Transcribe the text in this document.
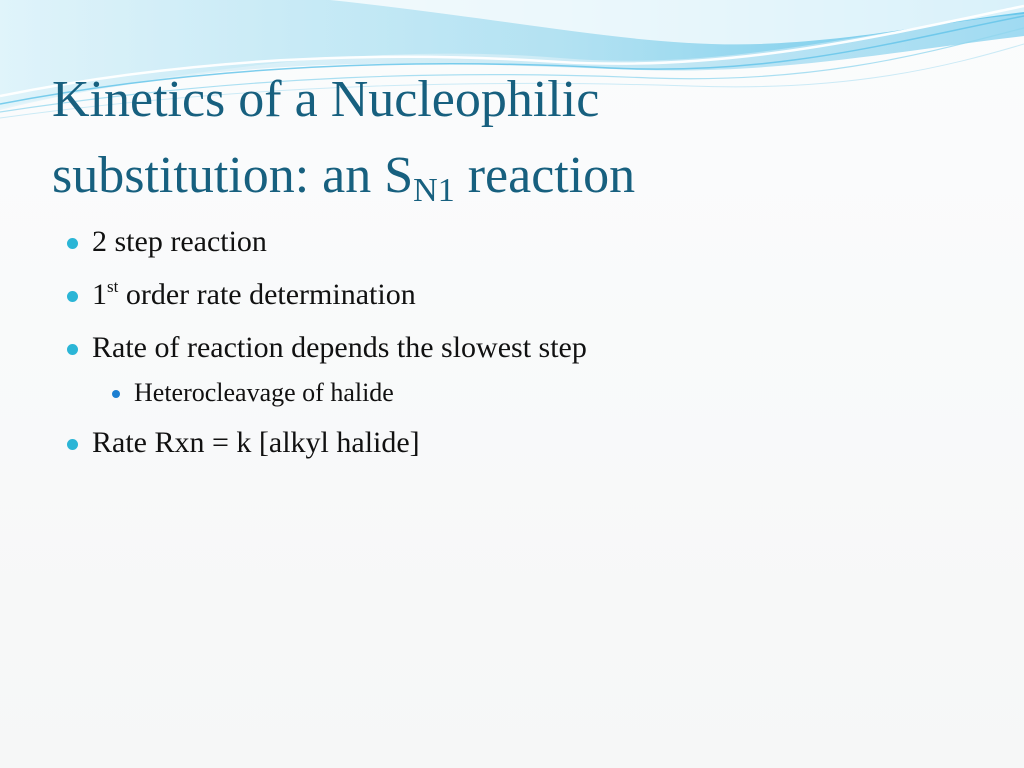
Kinetics of a Nucleophilic
substitution: an $S_{N1}$ reaction
2 step reaction
1st order rate determination
Rate of reaction depends the slowest step
Heterocleavage of halide
Rate Rxn = k [alkyl halide]
